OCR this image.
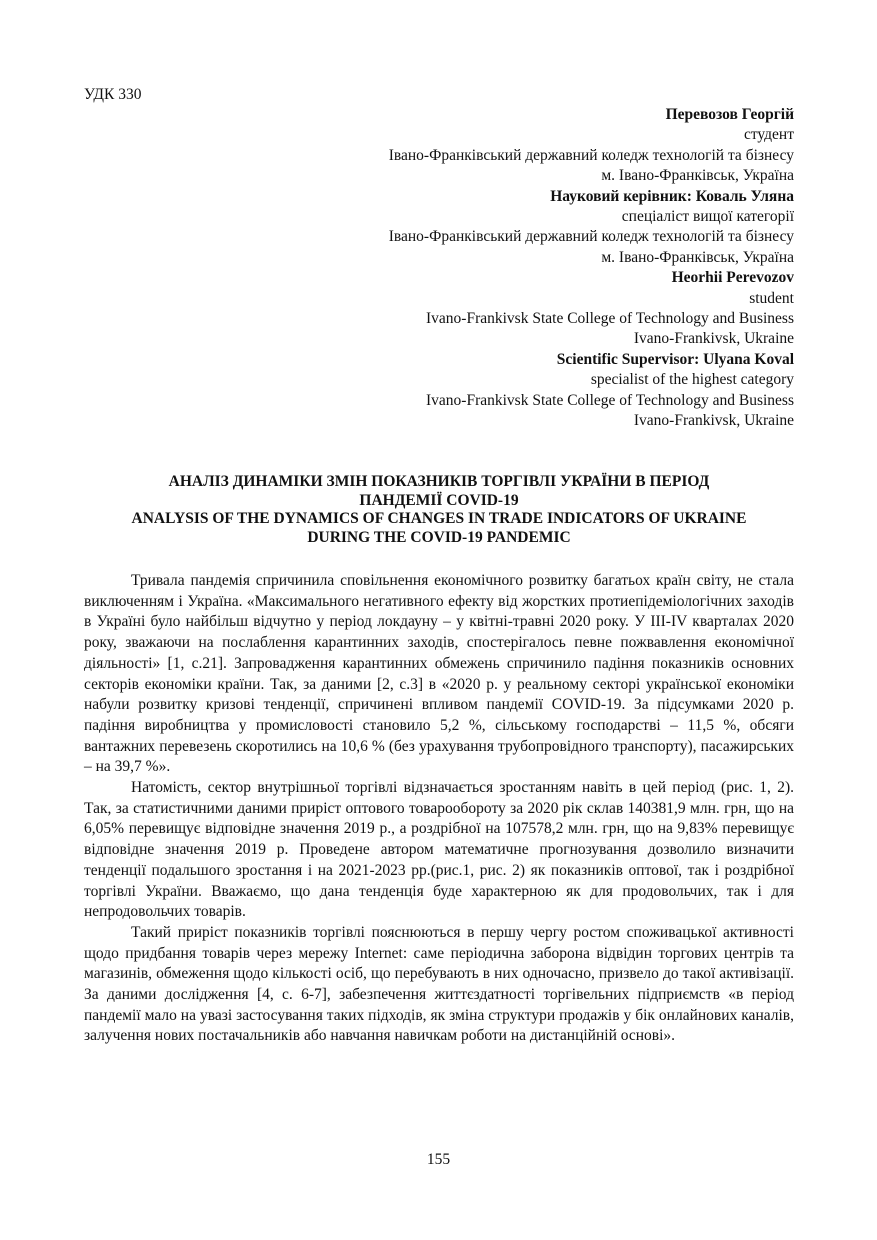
УДК 330
Перевозов Георгій
студент
Івано-Франківський державний коледж технологій та бізнесу
м. Івано-Франківськ, Україна
Науковий керівник: Коваль Уляна
спеціаліст вищої категорії
Івано-Франківський державний коледж технологій та бізнесу
м. Івано-Франківськ, Україна
Heorhii Perevozov
student
Ivano-Frankivsk State College of Technology and Business
Ivano-Frankivsk, Ukraine
Scientific Supervisor: Ulyana Koval
specialist of the highest category
Ivano-Frankivsk State College of Technology and Business
Ivano-Frankivsk, Ukraine
АНАЛІЗ ДИНАМІКИ ЗМІН ПОКАЗНИКІВ ТОРГІВЛІ УКРАЇНИ В ПЕРІОД
ПАНДЕМІЇ COVID-19
ANALYSIS OF THE DYNAMICS OF CHANGES IN TRADE INDICATORS OF UKRAINE
DURING THE COVID-19 PANDEMIC

Тривала пандемія спричинила сповільнення економічного розвитку багатьох країн світу, не стала виключенням і Україна. «Максимального негативного ефекту від жорстких протиепідеміологічних заходів в Україні було найбільш відчутно у період локдауну – у квітні-травні 2020 року. У III-IV кварталах 2020 року, зважаючи на послаблення карантинних заходів, спостерігалось певне пожвавлення економічної діяльності» [1, с.21]. Запровадження карантинних обмежень спричинило падіння показників основних секторів економіки країни. Так, за даними [2, с.3] в «2020 р. у реальному секторі української економіки набули розвитку кризові тенденції, спричинені впливом пандемії COVID-19. За підсумками 2020 р. падіння виробництва у промисловості становило 5,2 %, сільському господарстві – 11,5 %, обсяги вантажних перевезень скоротились на 10,6 % (без урахування трубопровідного транспорту), пасажирських – на 39,7 %».

Натомість, сектор внутрішньої торгівлі відзначається зростанням навіть в цей період (рис. 1, 2). Так, за статистичними даними приріст оптового товарообороту за 2020 рік склав 140381,9 млн. грн, що на 6,05% перевищує відповідне значення 2019 р., а роздрібної на 107578,2 млн. грн, що на 9,83% перевищує відповідне значення 2019 р. Проведене автором математичне прогнозування дозволило визначити тенденції подальшого зростання і на 2021-2023 рр.(рис.1, рис. 2) як показників оптової, так і роздрібної торгівлі України. Вважаємо, що дана тенденція буде характерною як для продовольчих, так і для непродовольчих товарів.

Такий приріст показників торгівлі пояснюються в першу чергу ростом споживацької активності щодо придбання товарів через мережу Internet: саме періодична заборона відвідин торгових центрів та магазинів, обмеження щодо кількості осіб, що перебувають в них одночасно, призвело до такої активізації. За даними дослідження [4, с. 6-7], забезпечення життєздатності торгівельних підприємств «в період пандемії мало на увазі застосування таких підходів, як зміна структури продажів у бік онлайнових каналів, залучення нових постачальників або навчання навичкам роботи на дистанційній основі».

155
